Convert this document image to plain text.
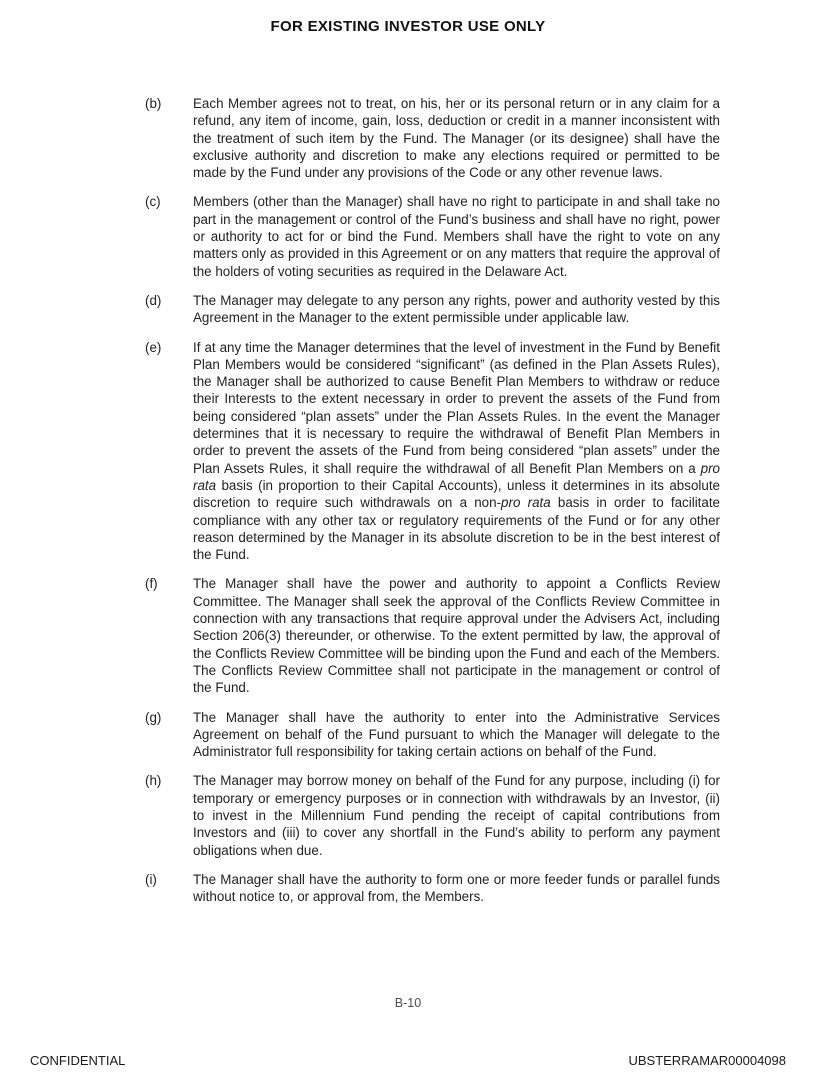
FOR EXISTING INVESTOR USE ONLY
(b)	Each Member agrees not to treat, on his, her or its personal return or in any claim for a refund, any item of income, gain, loss, deduction or credit in a manner inconsistent with the treatment of such item by the Fund. The Manager (or its designee) shall have the exclusive authority and discretion to make any elections required or permitted to be made by the Fund under any provisions of the Code or any other revenue laws.
(c)	Members (other than the Manager) shall have no right to participate in and shall take no part in the management or control of the Fund’s business and shall have no right, power or authority to act for or bind the Fund. Members shall have the right to vote on any matters only as provided in this Agreement or on any matters that require the approval of the holders of voting securities as required in the Delaware Act.
(d)	The Manager may delegate to any person any rights, power and authority vested by this Agreement in the Manager to the extent permissible under applicable law.
(e)	If at any time the Manager determines that the level of investment in the Fund by Benefit Plan Members would be considered “significant” (as defined in the Plan Assets Rules), the Manager shall be authorized to cause Benefit Plan Members to withdraw or reduce their Interests to the extent necessary in order to prevent the assets of the Fund from being considered “plan assets” under the Plan Assets Rules. In the event the Manager determines that it is necessary to require the withdrawal of Benefit Plan Members in order to prevent the assets of the Fund from being considered “plan assets” under the Plan Assets Rules, it shall require the withdrawal of all Benefit Plan Members on a pro rata basis (in proportion to their Capital Accounts), unless it determines in its absolute discretion to require such withdrawals on a non-pro rata basis in order to facilitate compliance with any other tax or regulatory requirements of the Fund or for any other reason determined by the Manager in its absolute discretion to be in the best interest of the Fund.
(f)	The Manager shall have the power and authority to appoint a Conflicts Review Committee. The Manager shall seek the approval of the Conflicts Review Committee in connection with any transactions that require approval under the Advisers Act, including Section 206(3) thereunder, or otherwise. To the extent permitted by law, the approval of the Conflicts Review Committee will be binding upon the Fund and each of the Members. The Conflicts Review Committee shall not participate in the management or control of the Fund.
(g)	The Manager shall have the authority to enter into the Administrative Services Agreement on behalf of the Fund pursuant to which the Manager will delegate to the Administrator full responsibility for taking certain actions on behalf of the Fund.
(h)	The Manager may borrow money on behalf of the Fund for any purpose, including (i) for temporary or emergency purposes or in connection with withdrawals by an Investor, (ii) to invest in the Millennium Fund pending the receipt of capital contributions from Investors and (iii) to cover any shortfall in the Fund’s ability to perform any payment obligations when due.
(i)	The Manager shall have the authority to form one or more feeder funds or parallel funds without notice to, or approval from, the Members.
B-10
CONFIDENTIAL	UBSTERRAMAR00004098
